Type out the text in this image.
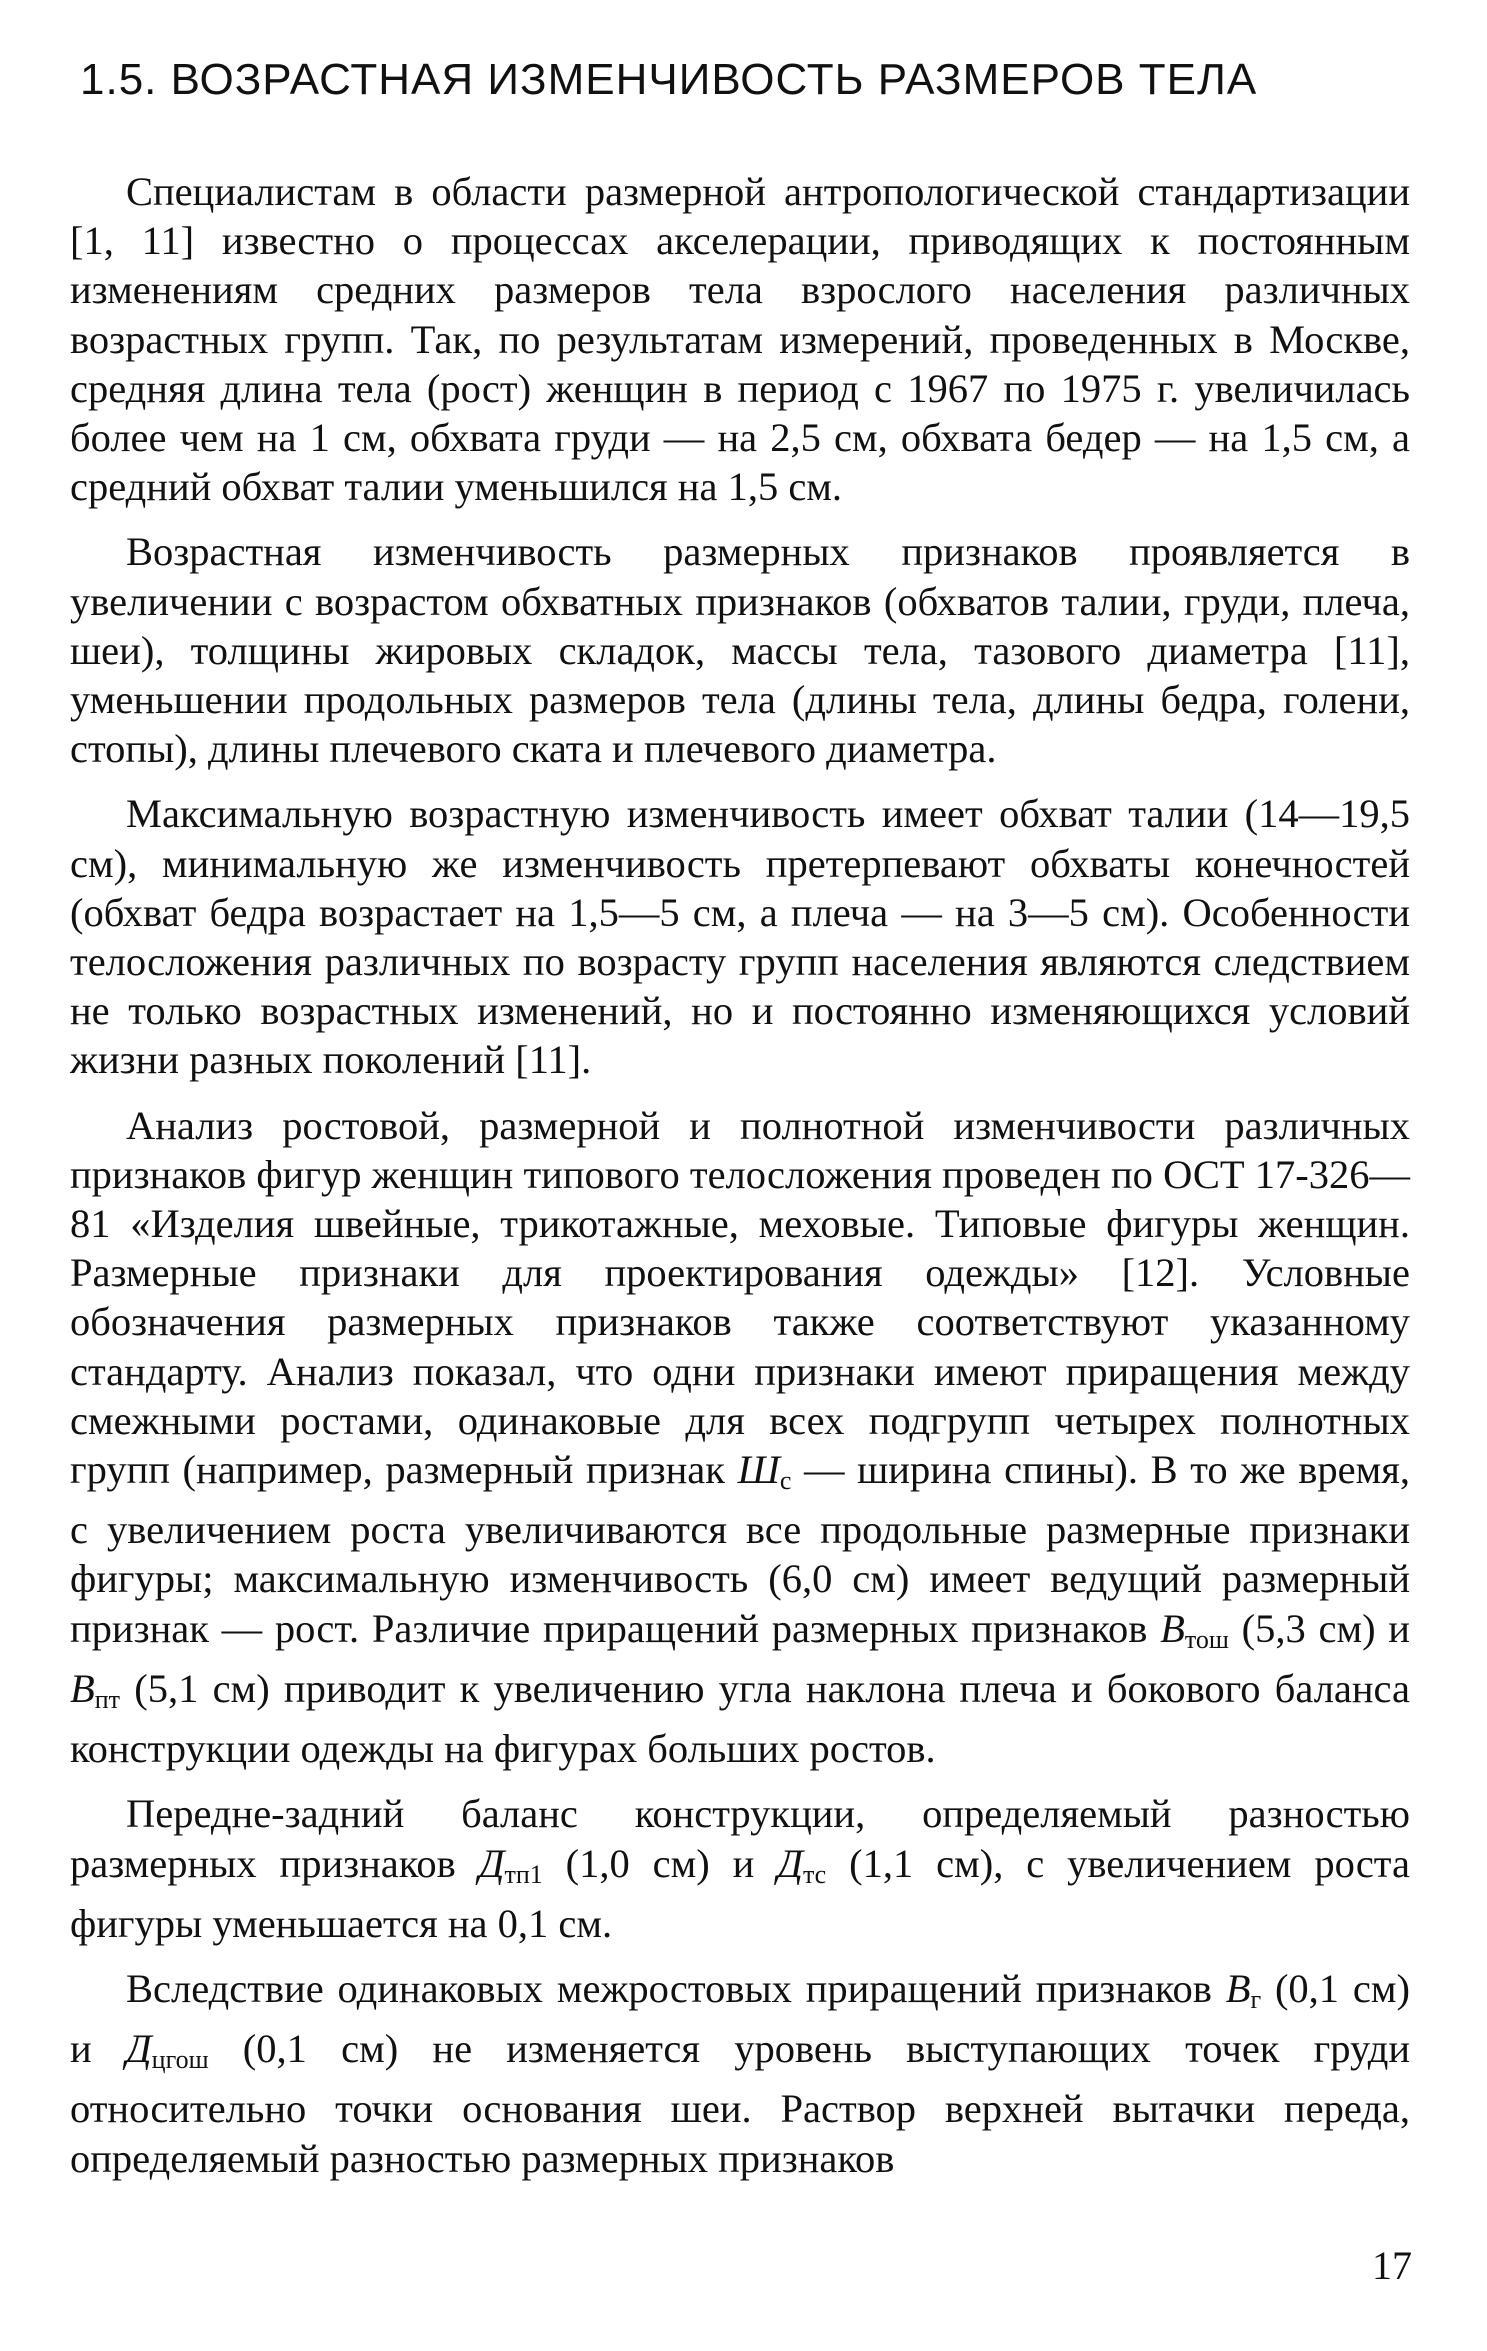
1.5. ВОЗРАСТНАЯ ИЗМЕНЧИВОСТЬ РАЗМЕРОВ ТЕЛА

Специалистам в области размерной антропологической стандартизации [1, 11] известно о процессах акселерации, приводящих к постоянным изменениям средних размеров тела взрослого населения различных возрастных групп. Так, по результатам измерений, проведенных в Москве, средняя длина тела (рост) женщин в период с 1967 по 1975 г. увеличилась более чем на 1 см, обхвата груди — на 2,5 см, обхвата бедер — на 1,5 см, а средний обхват талии уменьшился на 1,5 см.

Возрастная изменчивость размерных признаков проявляется в увеличении с возрастом обхватных признаков (обхватов талии, груди, плеча, шеи), толщины жировых складок, массы тела, тазового диаметра [11], уменьшении продольных размеров тела (длины тела, длины бедра, голени, стопы), длины плечевого ската и плечевого диаметра.

Максимальную возрастную изменчивость имеет обхват талии (14—19,5 см), минимальную же изменчивость претерпевают обхваты конечностей (обхват бедра возрастает на 1,5—5 см, а плеча — на 3—5 см). Особенности телосложения различных по возрасту групп населения являются следствием не только возрастных изменений, но и постоянно изменяющихся условий жизни разных поколений [11].

Анализ ростовой, размерной и полнотной изменчивости различных признаков фигур женщин типового телосложения проведен по ОСТ 17-326—81 «Изделия швейные, трикотажные, меховые. Типовые фигуры женщин. Размерные признаки для проектирования одежды» [12]. Условные обозначения размерных признаков также соответствуют указанному стандарту. Анализ показал, что одни признаки имеют приращения между смежными ростами, одинаковые для всех подгрупп четырех полнотных групп (например, размерный признак $Ш_с$ — ширина спины). В то же время, с увеличением роста увеличиваются все продольные размерные признаки фигуры; максимальную изменчивость (6,0 см) имеет ведущий размерный признак — рост. Различие приращений размерных признаков $В_{тош}$ (5,3 см) и $В_{пт}$ (5,1 см) приводит к увеличению угла наклона плеча и бокового баланса конструкции одежды на фигурах больших ростов.

Передне-задний баланс конструкции, определяемый разностью размерных признаков $Д_{тп1}$ (1,0 см) и $Д_{тс}$ (1,1 см), с увеличением роста фигуры уменьшается на 0,1 см.

Вследствие одинаковых межростовых приращений признаков $В_г$ (0,1 см) и $Д_{цгош}$ (0,1 см) не изменяется уровень выступающих точек груди относительно точки основания шеи. Раствор верхней вытачки переда, определяемый разностью размерных признаков

17
